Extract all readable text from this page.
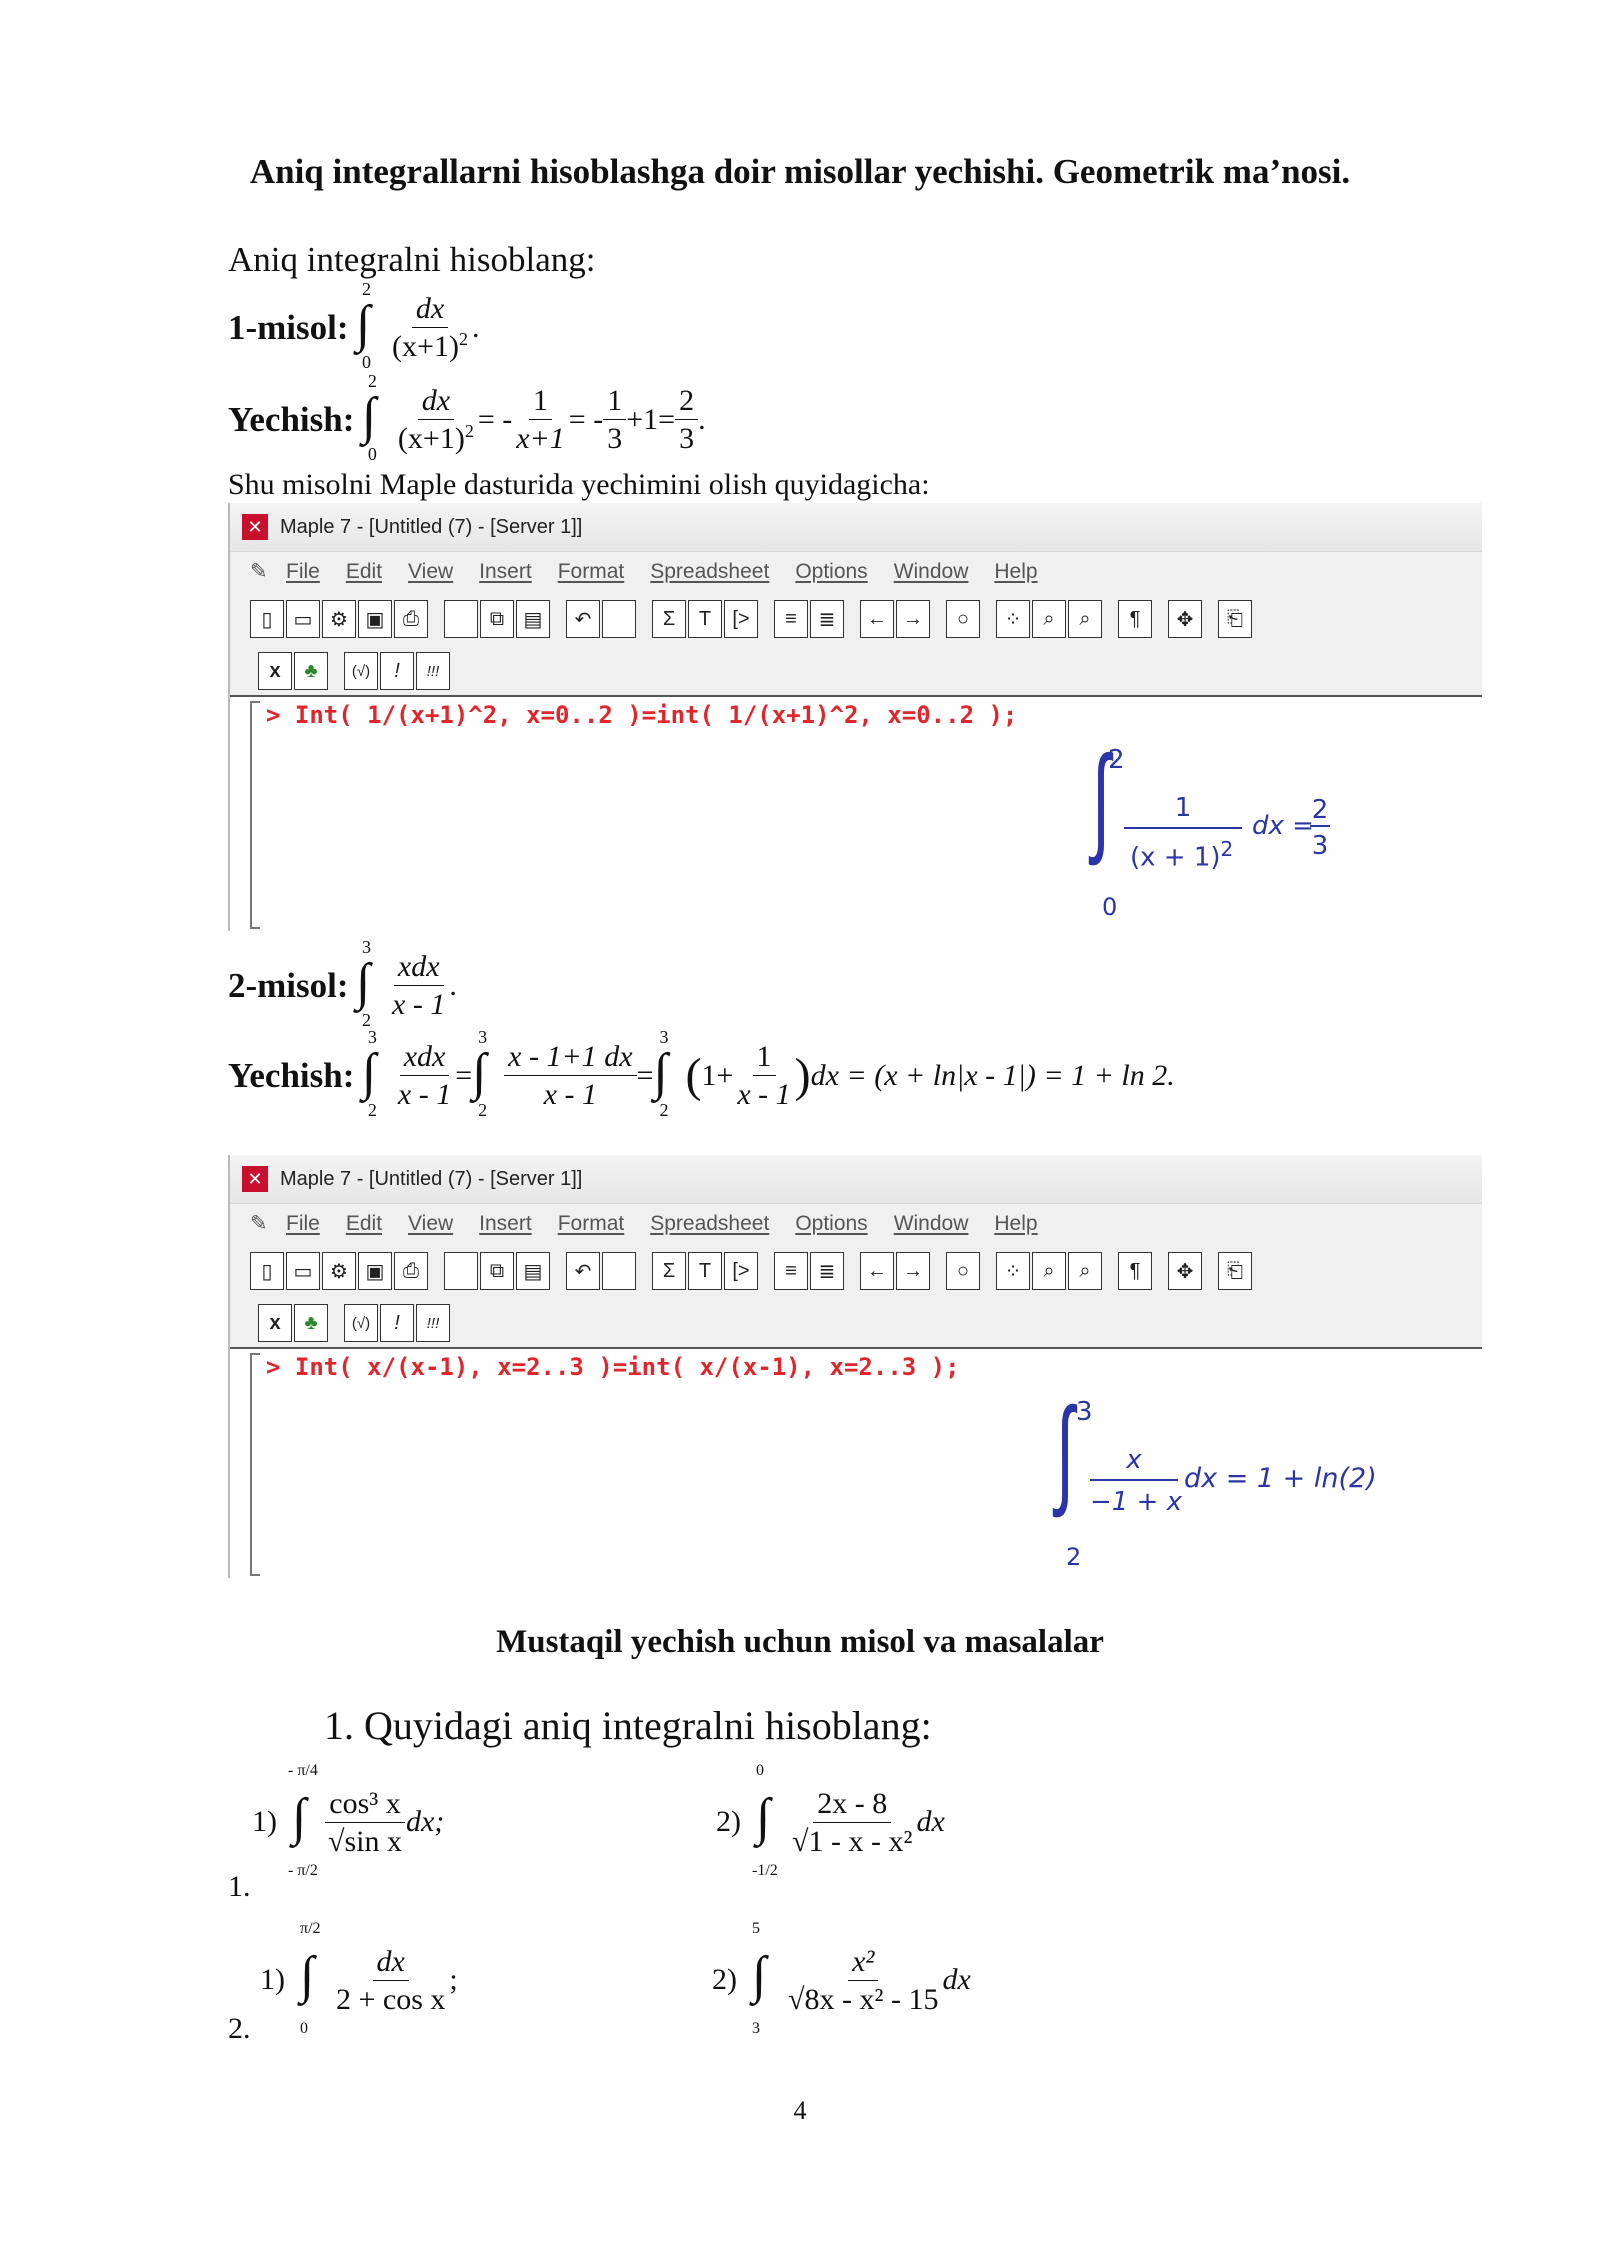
Aniq integrallarni hisoblashga doir misollar yechishi. Geometrik ma’nosi.
Aniq integralni hisoblang:
1-misol:
∫
2
$0 \frac{dx}{(x+1)^2}$ .
Yechish:
∫
2
$0 \frac{dx}{(x+1)^2}$ = - $\frac{1}{x+1}$ = - $\frac{1}{3} +1= \frac{2}{3}$ .
Shu misolni Maple dasturida yechimini olish quyidagicha:
✕ Maple 7 - [Untitled (7) - [Server 1]]
✎ File Edit View Insert Format Spreadsheet Options Window Help
▯	▭ ⚙ ▣ ⎙	⧉ ▤	↶	Σ	T	[>	≡	≣	← →	○	⁘	⌕	⌕	¶	✥	⎗
x	♣	(√)	! !!!
> Int( 1/(x+1)^2, x=0..2 )=int( 1/(x+1)^2, x=0..2 );
∫
2
0
1
$(x + 1)^2$
dx =
2
3
2-misol:
∫
3
$2 \frac{\text{xdx}}{x - 1}$ .
Yechish:
∫
3
$2 \frac{\text{xdx}}{x - 1}$ = ∫
3
$2 \frac{x - 1+1 dx}{x - 1}$ = ∫
3
2
( $1+ \frac{1}{x - 1}$ ) dx = (x + ln|x - 1|) = 1 + ln 2.
✕ Maple 7 - [Untitled (7) - [Server 1]]
✎ File Edit View Insert Format Spreadsheet Options Window Help
▯	▭ ⚙ ▣ ⎙	⧉ ▤	↶	Σ	T	[>	≡	≣	← →	○	⁘	⌕	⌕	¶	✥	⎗
x	♣	(√)	! !!!
> Int( x/(x-1), x=2..3 )=int( x/(x-1), x=2..3 );
∫ 3
2
x
−1 + x
dx = 1 + ln(2)
Mustaqil yechish uchun misol va masalalar
1. Quyidagi aniq integralni hisoblang:
1.
1)
∫
- π/4
- π/2
$\frac{\text{cos³ x}}{\text{√sin x}}$ dx;	2)
∫
0
-1/2
$\frac{2x - 8}{\text{√1 - x - x²}}$ dx
2.
1)
∫
π/2
0
$\frac{dx}{\text{2 + cos x}}$ ;	2)
∫
5
3
$\frac{\text{x²}}{\text{√8x - x² - 15}}$ dx
4
